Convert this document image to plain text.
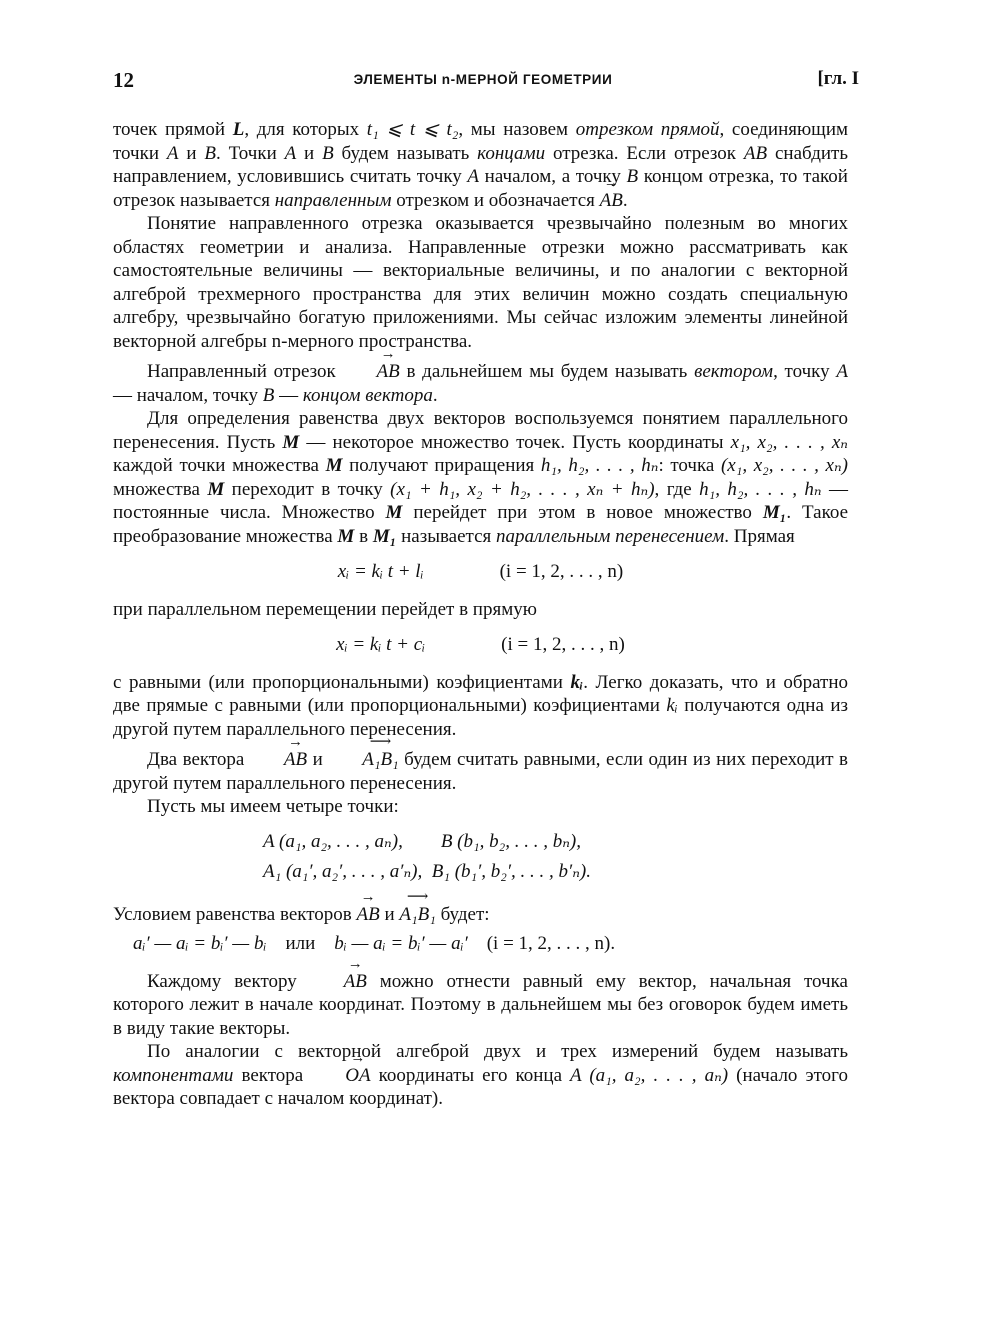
12	ЭЛЕМЕНТЫ n-МЕРНОЙ ГЕОМЕТРИИ	[гл. I

точек прямой L, для которых t₁ ⩽ t ⩽ t₂, мы назовем отрезком прямой, соединяющим точки A и B. Точки A и B будем называть концами отрезка. Если отрезок AB снабдить направлением, условившись считать точку A началом, а точку B концом отрезка, то такой отрезок называется направленным отрезком и обозначается → AB.

Понятие направленного отрезка оказывается чрезвычайно полезным во многих областях геометрии и анализа. Направленные отрезки можно рассматривать как самостоятельные величины — векториальные величины, и по аналогии с векторной алгеброй трехмерного пространства для этих величин можно создать специальную алгебру, чрезвычайно богатую приложениями. Мы сейчас изложим элементы линейной векторной алгебры n-мерного пространства.

Направленный отрезок → AB в дальнейшем мы будем называть вектором, точку A — началом, точку B — концом вектора.

Для определения равенства двух векторов воспользуемся понятием параллельного перенесения. Пусть M — некоторое множество точек. Пусть координаты x₁, x₂, . . . , xₙ каждой точки множества M получают приращения h₁, h₂, . . . , hₙ: точка (x₁, x₂, . . . , xₙ) множества M переходит в точку (x₁ + h₁, x₂ + h₂, . . . , xₙ + hₙ), где h₁, h₂, . . . , hₙ — постоянные числа. Множество M перейдет при этом в новое множество M₁. Такое преобразование множества M в M₁ называется параллельным перенесением. Прямая

xᵢ = kᵢ t + lᵢ	(i = 1, 2, . . . , n)

при параллельном перемещении перейдет в прямую

xᵢ = kᵢ t + cᵢ	(i = 1, 2, . . . , n)

с равными (или пропорциональными) коэфициентами kᵢ. Легко доказать, что и обратно две прямые с равными (или пропорциональными) коэфициентами kᵢ получаются одна из другой путем параллельного перенесения.

Два вектора → AB и ⟶ A₁B₁ будем считать равными, если один из них переходит в другой путем параллельного перенесения.

Пусть мы имеем четыре точки:

A (a₁, a₂, . . . , aₙ),        B (b₁, b₂, . . . , bₙ),
A₁ (a₁′, a₂′, . . . , a′ₙ),  B₁ (b₁′, b₂′, . . . , b′ₙ).

Условием равенства векторов → AB и ⟶ A₁B₁ будет:

aᵢ′ — aᵢ = bᵢ′ — bᵢ или bᵢ — aᵢ = bᵢ′ — aᵢ′ (i = 1, 2, . . . , n).

Каждому вектору → AB можно отнести равный ему вектор, начальная точка которого лежит в начале координат. Поэтому в дальнейшем мы без оговорок будем иметь в виду такие векторы.

По аналогии с векторной алгеброй двух и трех измерений будем называть компонентами вектора → OA координаты его конца A (a₁, a₂, . . . , aₙ) (начало этого вектора совпадает с началом координат).
